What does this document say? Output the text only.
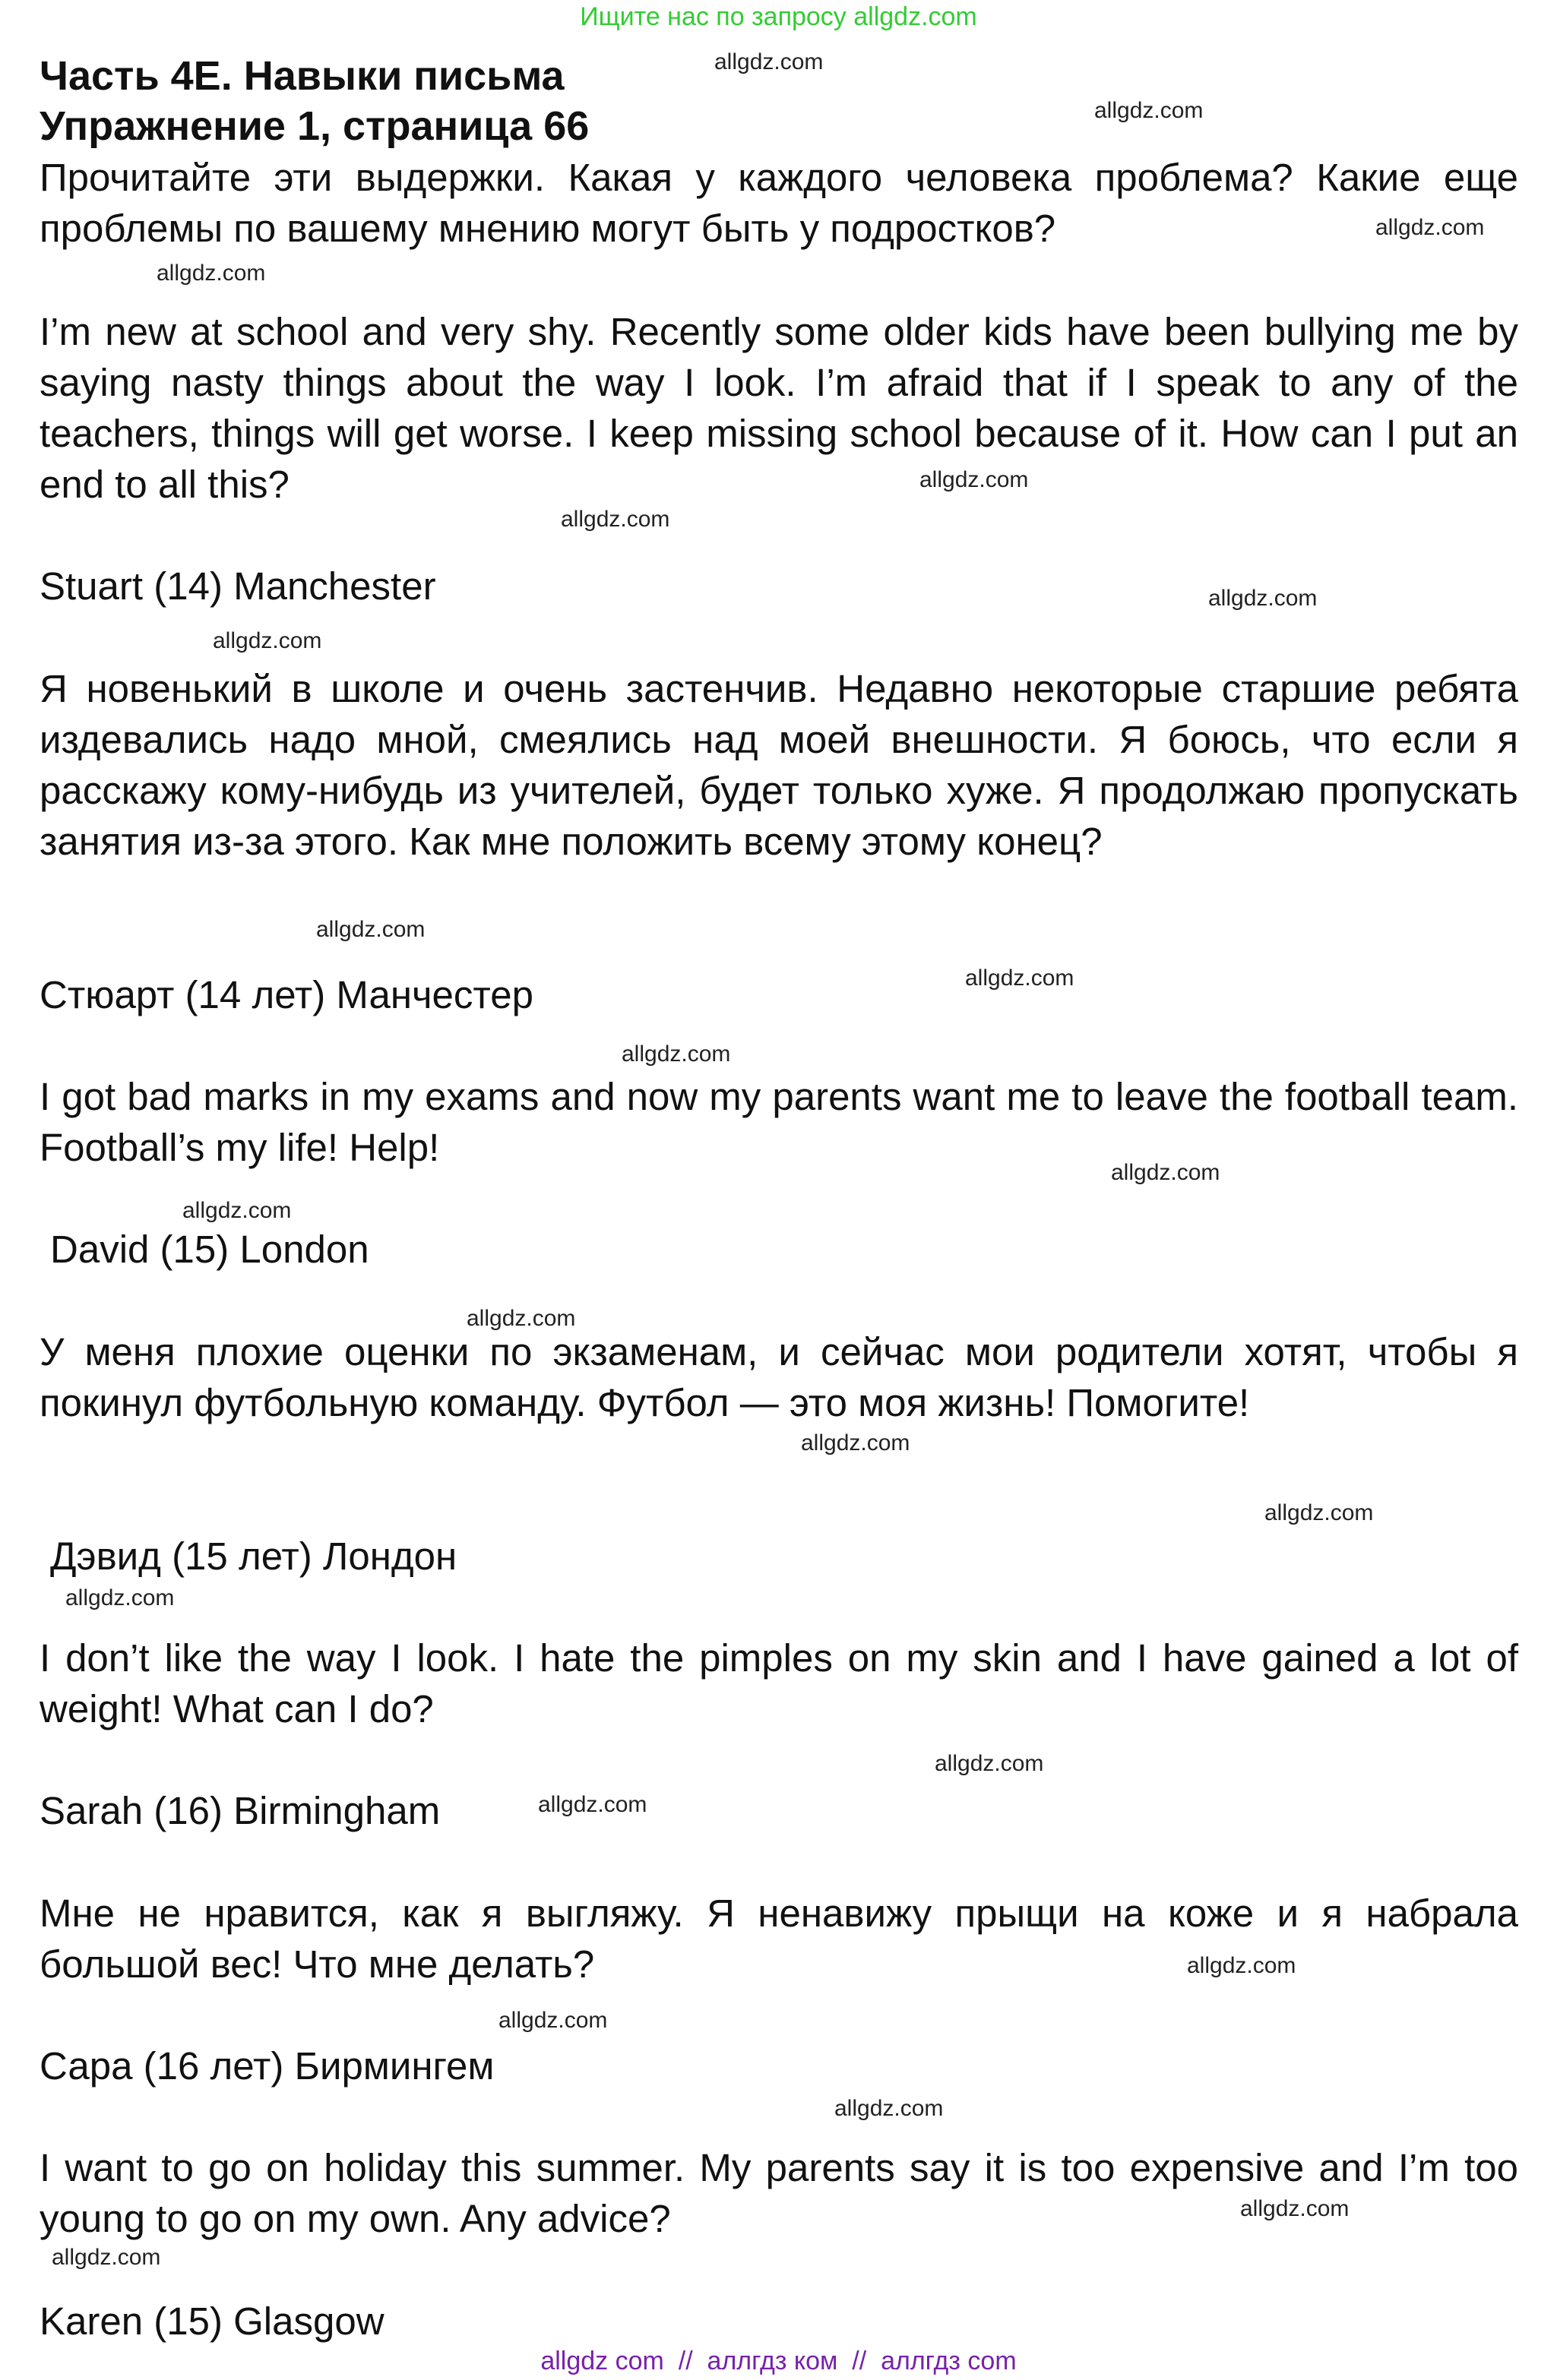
Ищите нас по запросу allgdz.com
Часть 4E. Навыки письма
Упражнение 1, страница 66
Прочитайте эти выдержки. Какая у каждого человека проблема? Какие еще проблемы по вашему мнению могут быть у подростков?
I’m new at school and very shy. Recently some older kids have been bullying me by saying nasty things about the way I look. I’m afraid that if I speak to any of the teachers, things will get worse. I keep missing school because of it. How can I put an end to all this?
Stuart (14) Manchester
Я новенький в школе и очень застенчив. Недавно некоторые старшие ребята издевались надо мной, смеялись над моей внешности. Я боюсь, что если я расскажу кому-нибудь из учителей, будет только хуже. Я продолжаю пропускать занятия из-за этого. Как мне положить всему этому конец?
Стюарт (14 лет) Манчестер
I got bad marks in my exams and now my parents want me to leave the football team. Football’s my life! Help!
David (15) London
У меня плохие оценки по экзаменам, и сейчас мои родители хотят, чтобы я покинул футбольную команду. Футбол — это моя жизнь! Помогите!
Дэвид (15 лет) Лондон
I don’t like the way I look. I hate the pimples on my skin and I have gained a lot of weight! What can I do?
Sarah (16) Birmingham
Мне не нравится, как я выгляжу. Я ненавижу прыщи на коже и я набрала большой вес! Что мне делать?
Сара (16 лет) Бирмингем
I want to go on holiday this summer. My parents say it is too expensive and I’m too young to go on my own. Any advice?
Karen (15) Glasgow
allgdz.com
allgdz.com
allgdz.com
allgdz.com
allgdz.com
allgdz.com
allgdz.com
allgdz.com
allgdz.com
allgdz.com
allgdz.com
allgdz.com
allgdz.com
allgdz.com
allgdz.com
allgdz.com
allgdz.com
allgdz.com
allgdz.com
allgdz.com
allgdz.com
allgdz.com
allgdz.com
allgdz.com
allgdz com  //  аллгдз ком  //  аллгдз com
